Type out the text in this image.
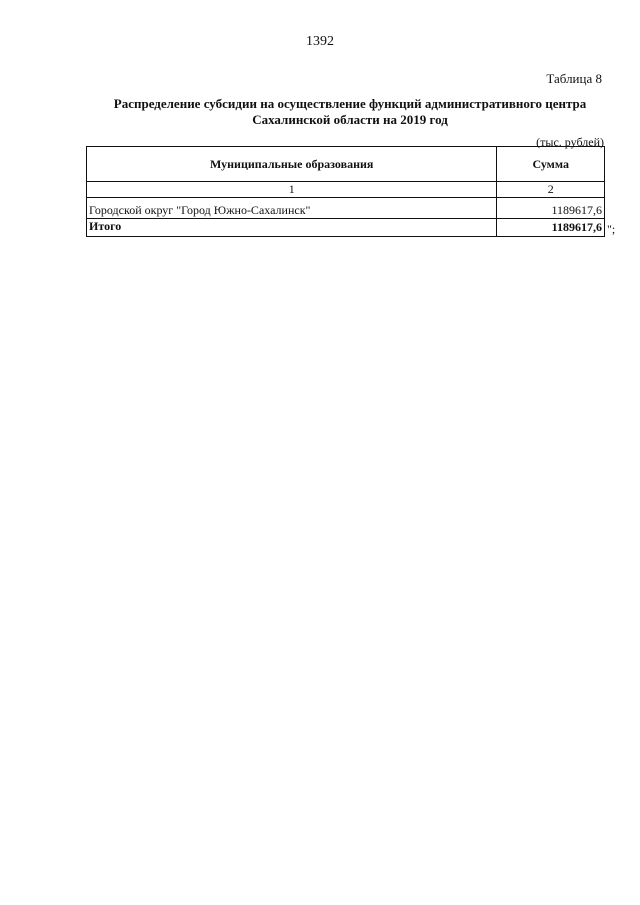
1392
Таблица 8
Распределение субсидии на осуществление функций административного центра
Сахалинской области на 2019 год
(тыс. рублей)
Муниципальные образования	Сумма
1	2
Городской округ "Город Южно-Сахалинск"	1189617,6
Итого	1189617,6 ";
